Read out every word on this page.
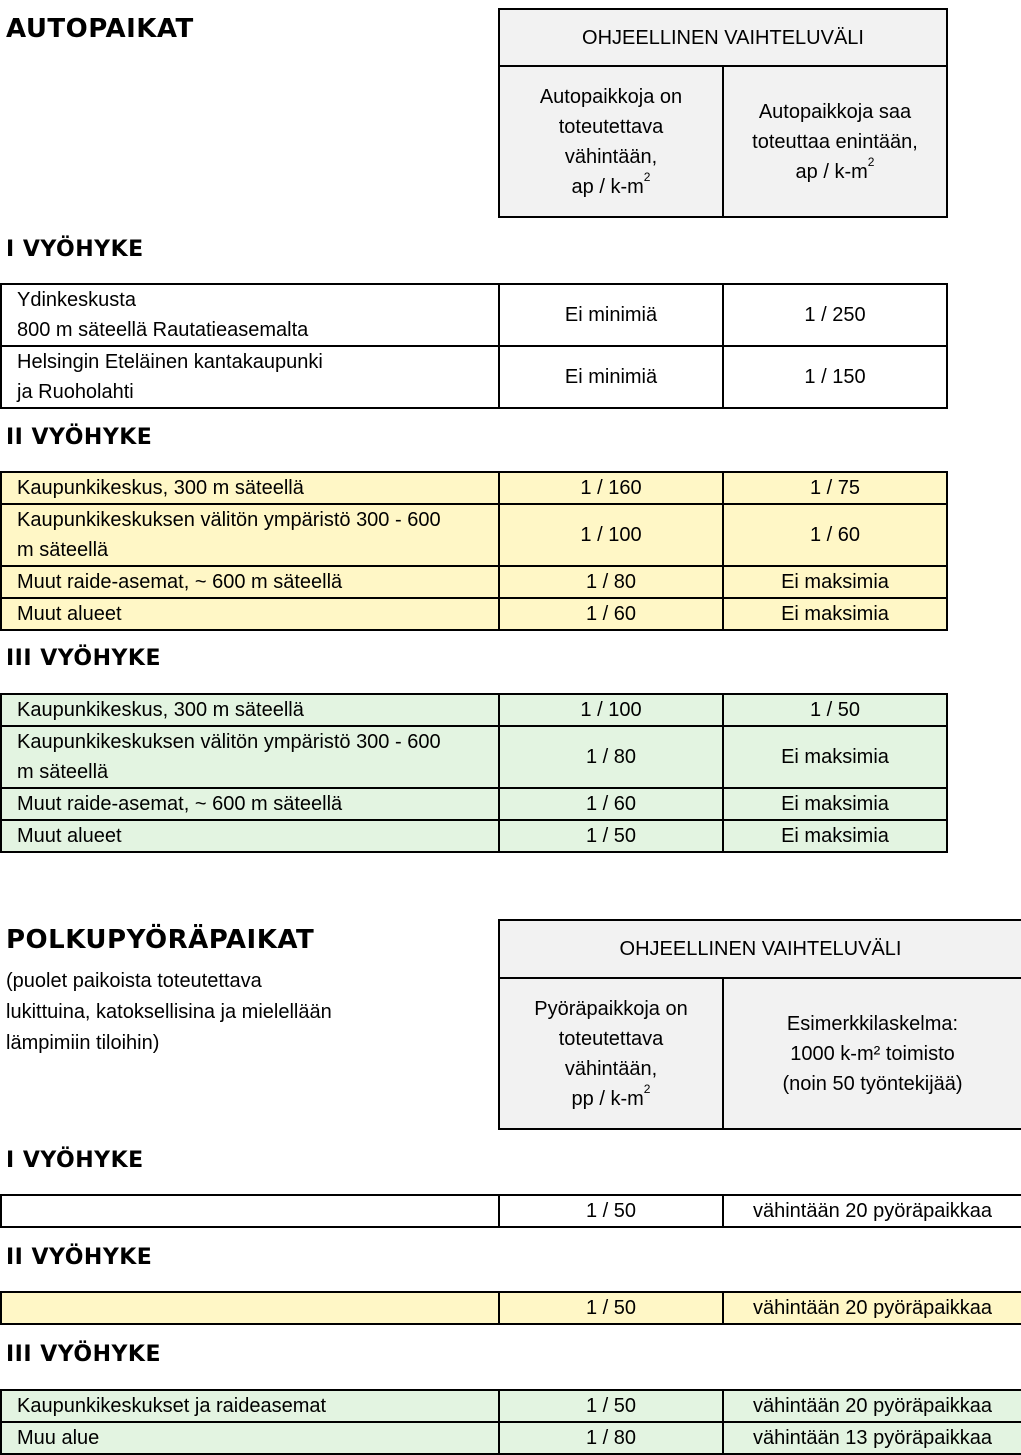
AUTOPAIKAT	OHJEELLINEN VAIHTELUVÄLI
Autopaikkoja on
toteutettava
vähintään,
ap / $k-m^2$	Autopaikkoja saa
toteuttaa enintään,
ap / $k-m^2$
I VYÖHYKE
Ydinkeskusta
800 m säteellä Rautatieasemalta	Ei minimiä	1 / 250
Helsingin Eteläinen kantakaupunki
ja Ruoholahti	Ei minimiä	1 / 150
II VYÖHYKE
Kaupunkikeskus, 300 m säteellä	1 / 160	1 / 75
Kaupunkikeskuksen välitön ympäristö 300 - 600
m säteellä	1 / 100	1 / 60
Muut raide-asemat, ~ 600 m säteellä	1 / 80	Ei maksimia
Muut alueet	1 / 60	Ei maksimia
III VYÖHYKE
Kaupunkikeskus, 300 m säteellä	1 / 100	1 / 50
Kaupunkikeskuksen välitön ympäristö 300 - 600
m säteellä	1 / 80	Ei maksimia
Muut raide-asemat, ~ 600 m säteellä	1 / 60	Ei maksimia
Muut alueet	1 / 50	Ei maksimia
POLKUPYÖRÄPAIKAT
(puolet paikoista toteutettava
lukittuina, katoksellisina ja mielellään
lämpimiin tiloihin)
OHJEELLINEN VAIHTELUVÄLI
Pyöräpaikkoja on
toteutettava
vähintään,
pp / $k-m^2$	Esimerkkilaskelma:
1000 k-m² toimisto
(noin 50 työntekijää)
I VYÖHYKE
	1 / 50	vähintään 20 pyöräpaikkaa
II VYÖHYKE
	1 / 50	vähintään 20 pyöräpaikkaa
III VYÖHYKE
Kaupunkikeskukset ja raideasemat	1 / 50	vähintään 20 pyöräpaikkaa
Muu alue	1 / 80	vähintään 13 pyöräpaikkaa
